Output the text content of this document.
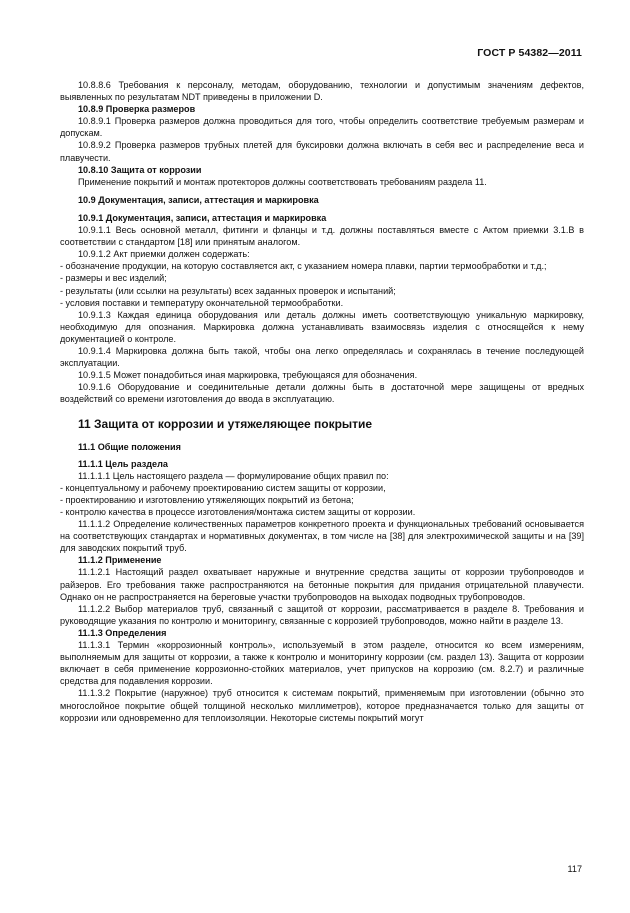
ГОСТ Р 54382—2011

10.8.8.6 Требования к персоналу, методам, оборудованию, технологии и допустимым значениям дефектов, выявленных по результатам NDT приведены в приложении D.

10.8.9 Проверка размеров

10.8.9.1 Проверка размеров должна проводиться для того, чтобы определить соответствие требуемым размерам и допускам.

10.8.9.2 Проверка размеров трубных плетей для буксировки должна включать в себя вес и распределение веса и плавучести.

10.8.10 Защита от коррозии

Применение покрытий и монтаж протекторов должны соответствовать требованиям раздела 11.

10.9 Документация, записи, аттестация и маркировка

10.9.1 Документация, записи, аттестация и маркировка

10.9.1.1 Весь основной металл, фитинги и фланцы и т.д. должны поставляться вместе с Актом приемки 3.1.B в соответствии с стандартом [18] или принятым аналогом.

10.9.1.2 Акт приемки должен содержать:

- обозначение продукции, на которую составляется акт, с указанием номера плавки, партии термообработки и т.д.;

- размеры и вес изделий;

- результаты (или ссылки на результаты) всех заданных проверок и испытаний;

- условия поставки и температуру окончательной термообработки.

10.9.1.3 Каждая единица оборудования или деталь должны иметь соответствующую уникальную маркировку, необходимую для опознания. Маркировка должна устанавливать взаимосвязь изделия с относящейся к нему документацией о контроле.

10.9.1.4 Маркировка должна быть такой, чтобы она легко определялась и сохранялась в течение последующей эксплуатации.

10.9.1.5 Может понадобиться иная маркировка, требующаяся для обозначения.

10.9.1.6 Оборудование и соединительные детали должны быть в достаточной мере защищены от вредных воздействий со времени изготовления до ввода в эксплуатацию.

11 Защита от коррозии и утяжеляющее покрытие

11.1 Общие положения

11.1.1 Цель раздела

11.1.1.1 Цель настоящего раздела — формулирование общих правил по:

- концептуальному и рабочему проектированию систем защиты от коррозии,

- проектированию и изготовлению утяжеляющих покрытий из бетона;

- контролю качества в процессе изготовления/монтажа систем защиты от коррозии.

11.1.1.2 Определение количественных параметров конкретного проекта и функциональных требований основывается на соответствующих стандартах и нормативных документах, в том числе на [38] для электрохимической защиты и на [39] для заводских покрытий труб.

11.1.2 Применение

11.1.2.1 Настоящий раздел охватывает наружные и внутренние средства защиты от коррозии трубопроводов и райзеров. Его требования также распространяются на бетонные покрытия для придания отрицательной плавучести. Однако он не распространяется на береговые участки трубопроводов на выходах подводных трубопроводов.

11.1.2.2 Выбор материалов труб, связанный с защитой от коррозии, рассматривается в разделе 8. Требования и руководящие указания по контролю и мониторингу, связанные с коррозией трубопроводов, можно найти в разделе 13.

11.1.3 Определения

11.1.3.1 Термин «коррозионный контроль», используемый в этом разделе, относится ко всем измерениям, выполняемым для защиты от коррозии, а также к контролю и мониторингу коррозии (см. раздел 13). Защита от коррозии включает в себя применение коррозионно-стойких материалов, учет припусков на коррозию (см. 8.2.7) и различные средства для подавления коррозии.

11.1.3.2 Покрытие (наружное) труб относится к системам покрытий, применяемым при изготовлении (обычно это многослойное покрытие общей толщиной несколько миллиметров), которое предназначается только для защиты от коррозии или одновременно для теплоизоляции. Некоторые системы покрытий могут

117
